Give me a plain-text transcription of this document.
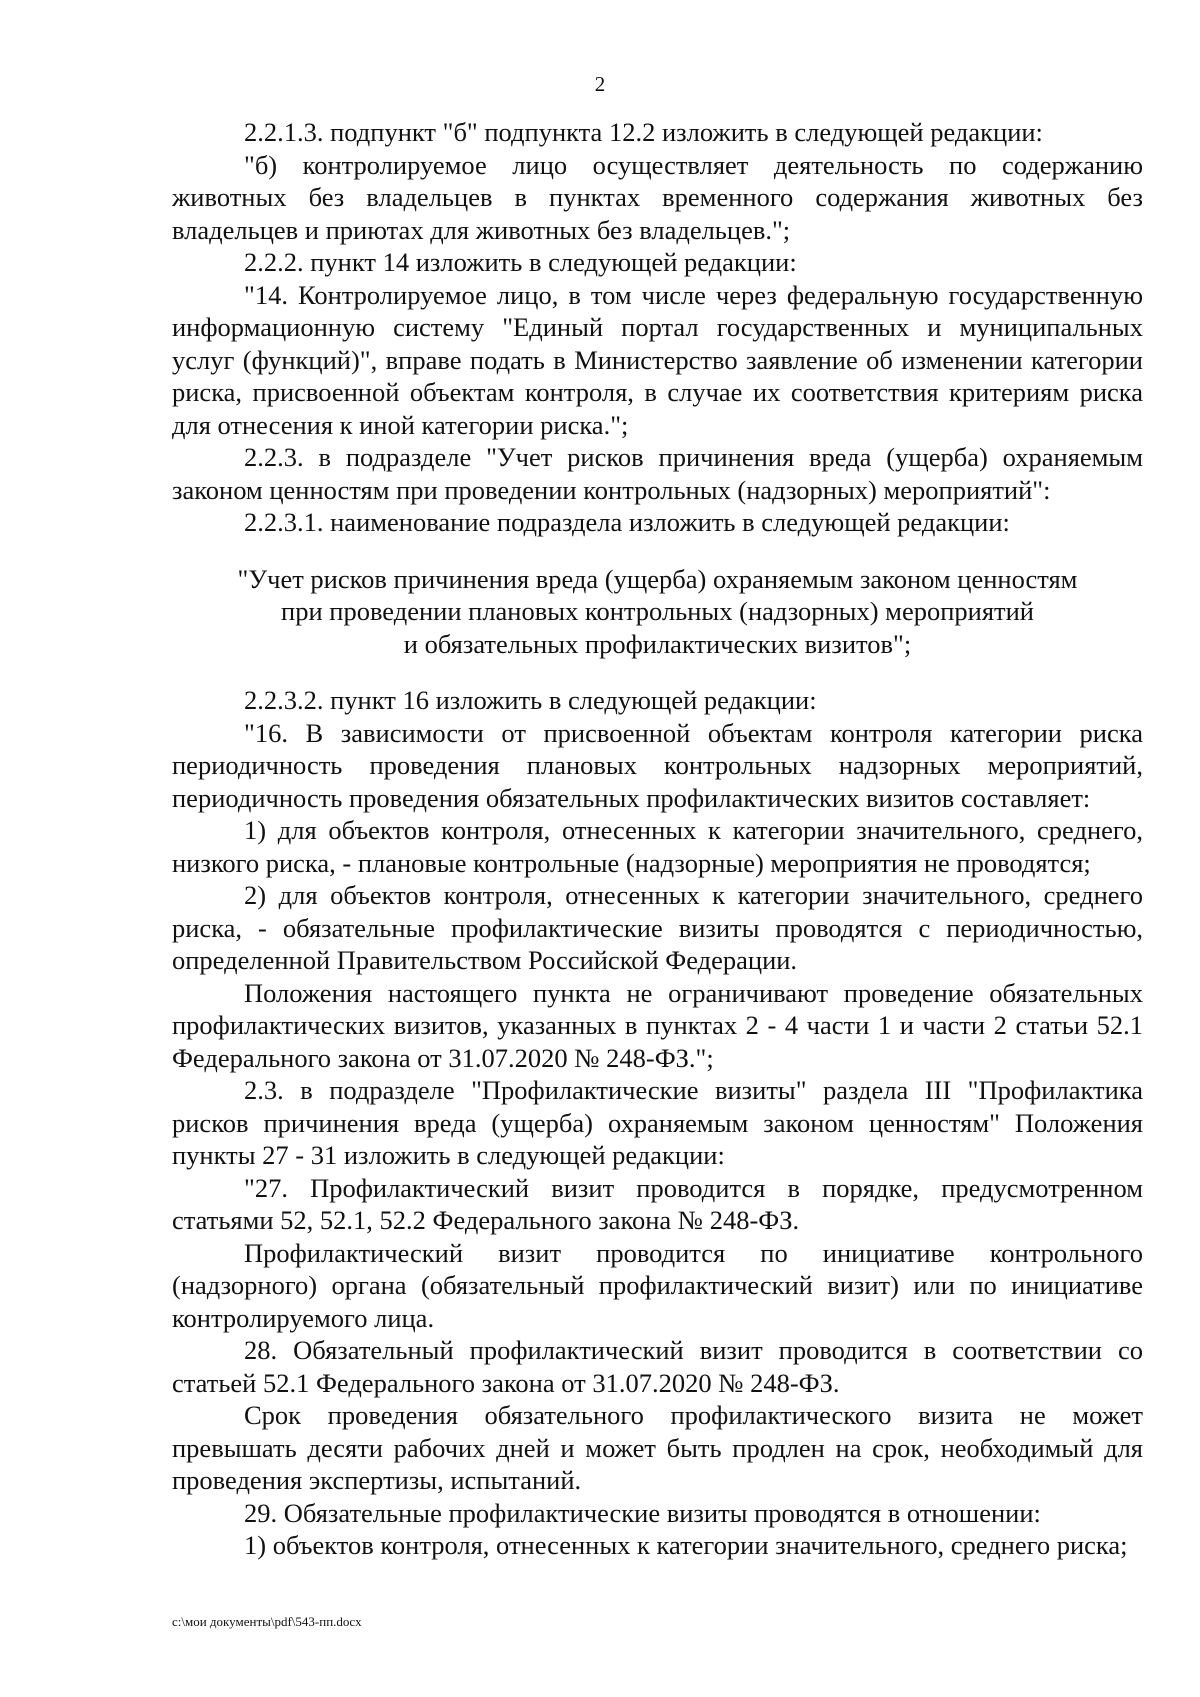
2

2.2.1.3. подпункт "б" подпункта 12.2 изложить в следующей редакции:

"б) контролируемое лицо осуществляет деятельность по содержанию животных без владельцев в пунктах временного содержания животных без владельцев и приютах для животных без владельцев.";

2.2.2. пункт 14 изложить в следующей редакции:

"14. Контролируемое лицо, в том числе через федеральную государственную информационную систему "Единый портал государственных и муниципальных услуг (функций)", вправе подать в Министерство заявление об изменении категории риска, присвоенной объектам контроля, в случае их соответствия критериям риска для отнесения к иной категории риска.";

2.2.3. в подразделе "Учет рисков причинения вреда (ущерба) охраняемым законом ценностям при проведении контрольных (надзорных) мероприятий":

2.2.3.1. наименование подраздела изложить в следующей редакции:

"Учет рисков причинения вреда (ущерба) охраняемым законом ценностям
при проведении плановых контрольных (надзорных) мероприятий
и обязательных профилактических визитов";

2.2.3.2. пункт 16 изложить в следующей редакции:

"16. В зависимости от присвоенной объектам контроля категории риска периодичность проведения плановых контрольных надзорных мероприятий, периодичность проведения обязательных профилактических визитов составляет:

1) для объектов контроля, отнесенных к категории значительного, среднего, низкого риска, - плановые контрольные (надзорные) мероприятия не проводятся;

2) для объектов контроля, отнесенных к категории значительного, среднего риска, - обязательные профилактические визиты проводятся с периодичностью, определенной Правительством Российской Федерации.

Положения настоящего пункта не ограничивают проведение обязательных профилактических визитов, указанных в пунктах 2 - 4 части 1 и части 2 статьи 52.1 Федерального закона от 31.07.2020 № 248-ФЗ.";

2.3. в подразделе "Профилактические визиты" раздела III "Профилактика рисков причинения вреда (ущерба) охраняемым законом ценностям" Положения пункты 27 - 31 изложить в следующей редакции:

"27. Профилактический визит проводится в порядке, предусмотренном статьями 52, 52.1, 52.2 Федерального закона № 248-ФЗ.

Профилактический визит проводится по инициативе контрольного (надзорного) органа (обязательный профилактический визит) или по инициативе контролируемого лица.

28. Обязательный профилактический визит проводится в соответствии со статьей 52.1 Федерального закона от 31.07.2020 № 248-ФЗ.

Срок проведения обязательного профилактического визита не может превышать десяти рабочих дней и может быть продлен на срок, необходимый для проведения экспертизы, испытаний.

29. Обязательные профилактические визиты проводятся в отношении:

1) объектов контроля, отнесенных к категории значительного, среднего риска;

c:\мои документы\pdf\543-пп.docx
